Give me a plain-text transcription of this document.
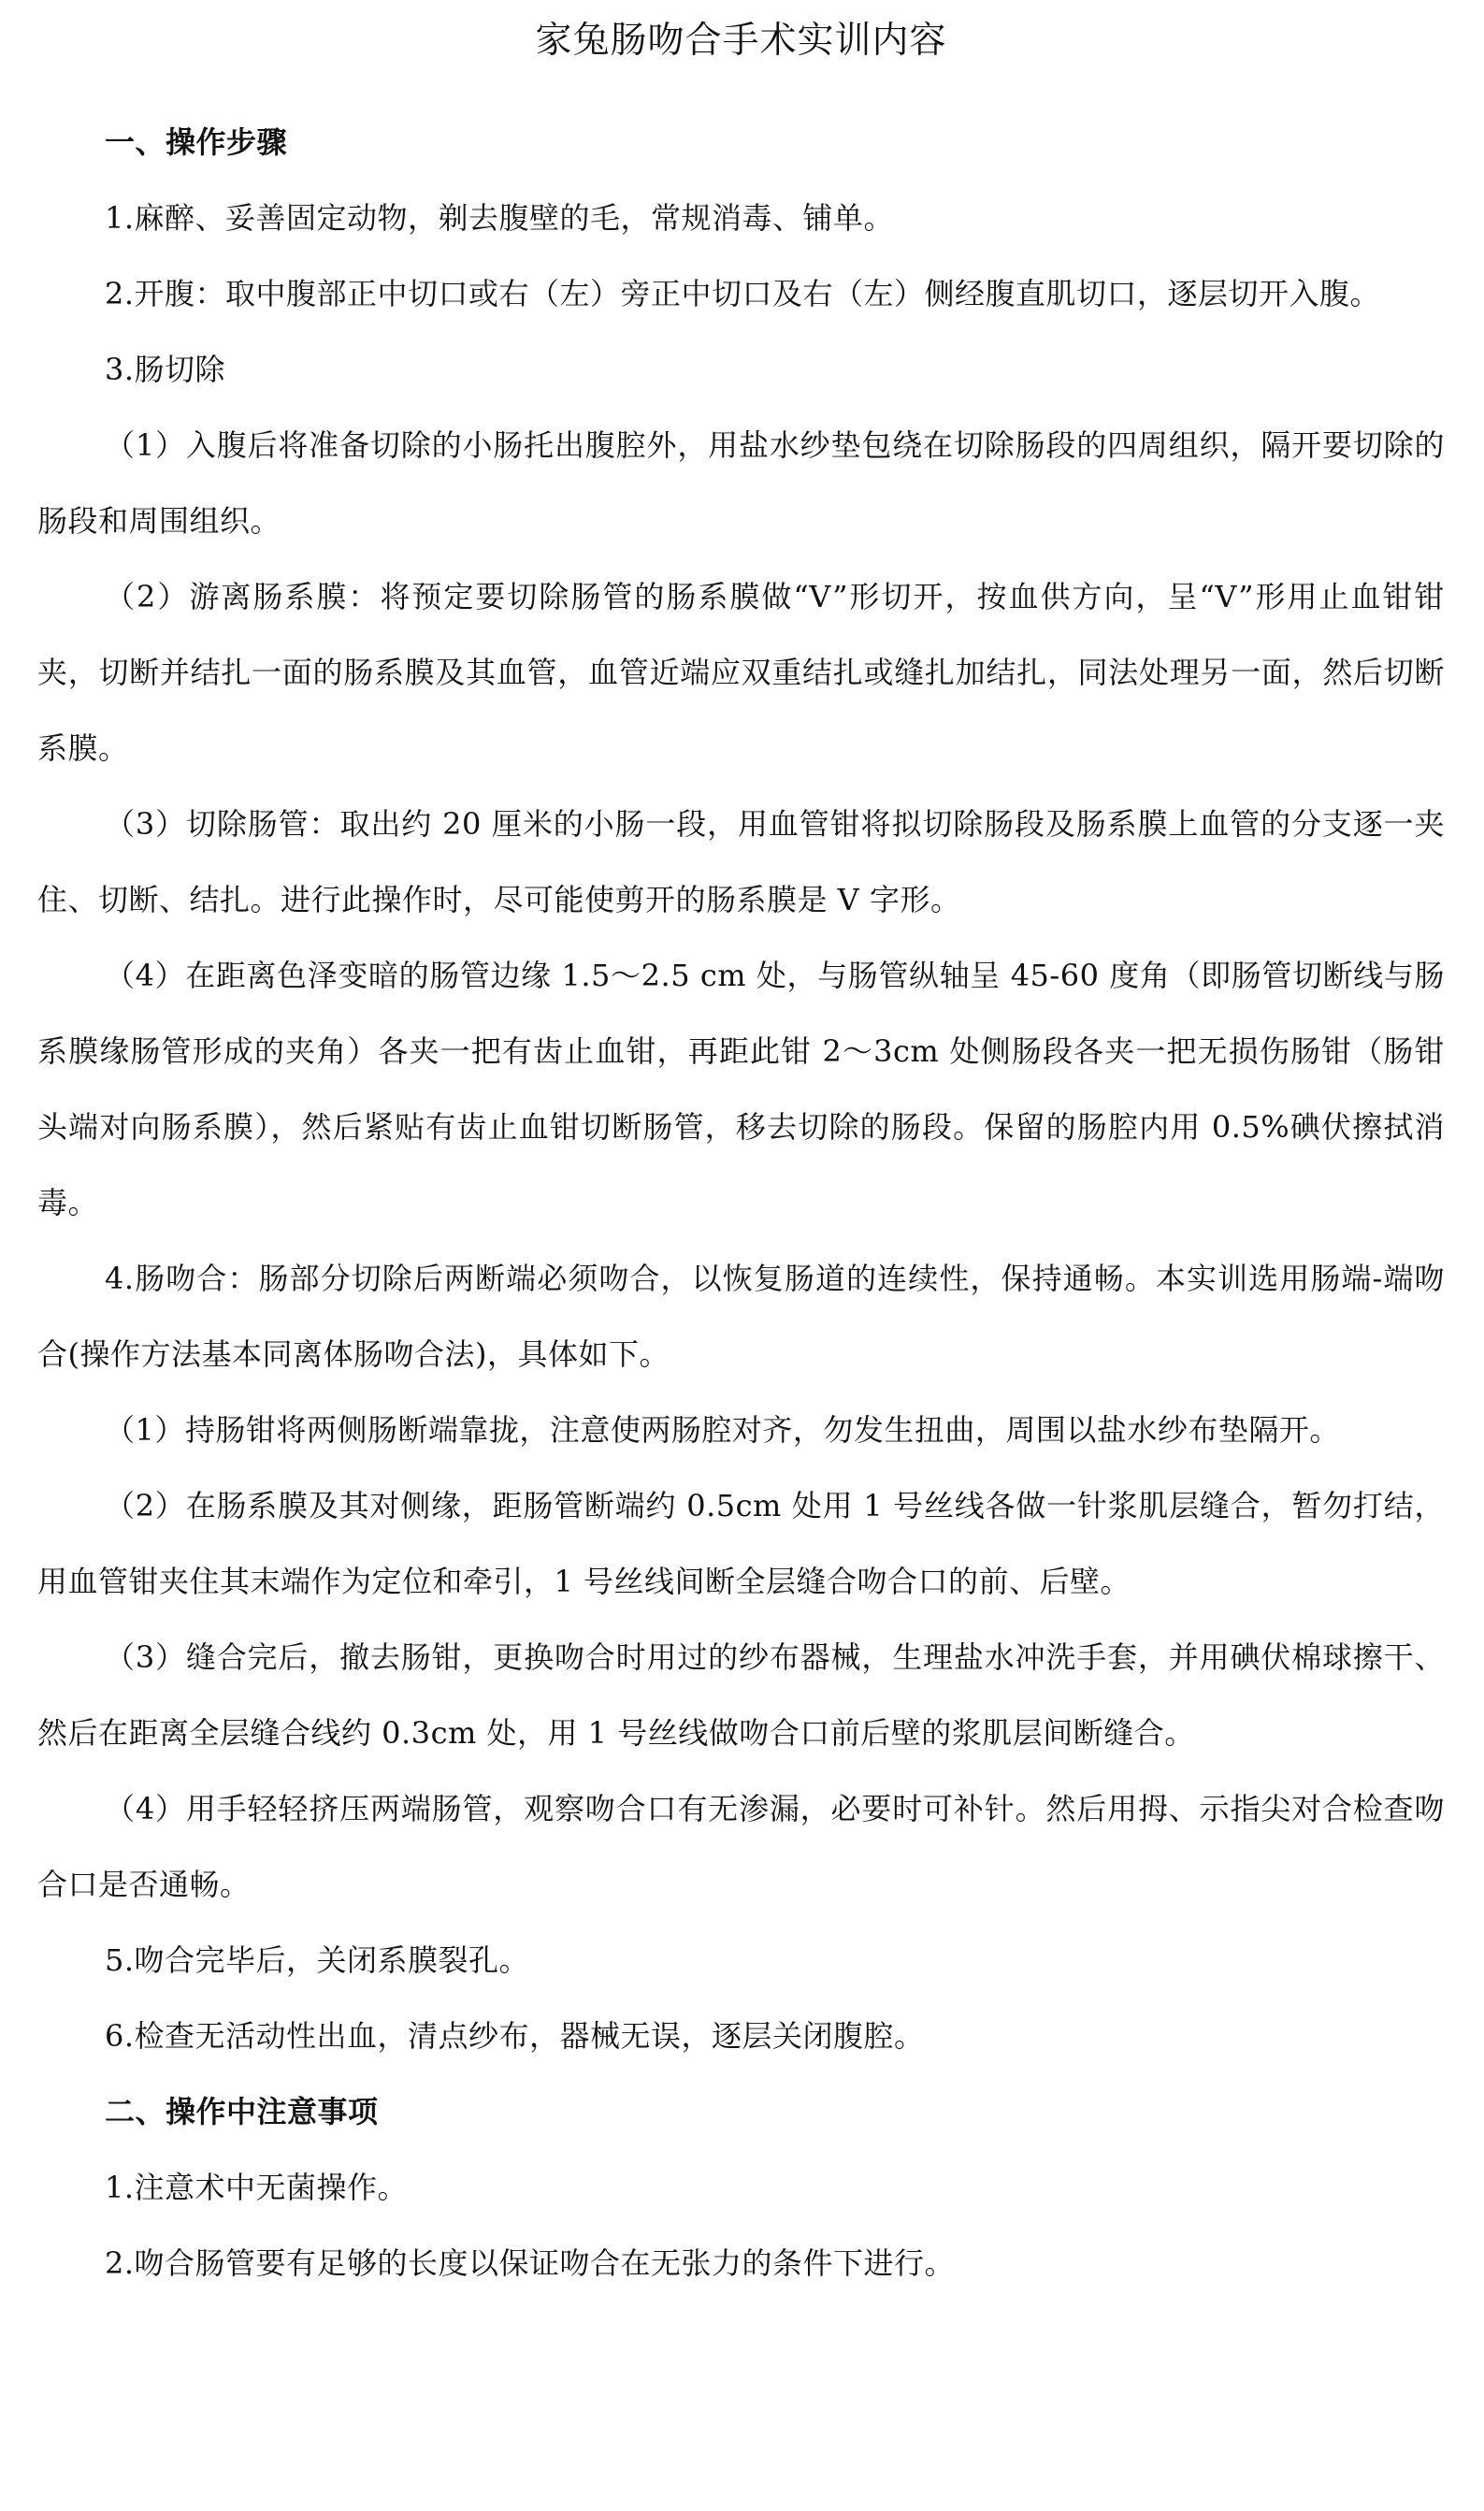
家兔肠吻合手术实训内容

一、操作步骤

1.麻醉、妥善固定动物，剃去腹壁的毛，常规消毒、铺单。

2.开腹：取中腹部正中切口或右（左）旁正中切口及右（左）侧经腹直肌切口，逐层切开入腹。

3.肠切除

（1）入腹后将准备切除的小肠托出腹腔外，用盐水纱垫包绕在切除肠段的四周组织，隔开要切除的肠段和周围组织。

（2）游离肠系膜：将预定要切除肠管的肠系膜做“V”形切开，按血供方向，呈“V”形用止血钳钳夹，切断并结扎一面的肠系膜及其血管，血管近端应双重结扎或缝扎加结扎，同法处理另一面，然后切断系膜。

（3）切除肠管：取出约 20 厘米的小肠一段，用血管钳将拟切除肠段及肠系膜上血管的分支逐一夹住、切断、结扎。进行此操作时，尽可能使剪开的肠系膜是 V 字形。

（4）在距离色泽变暗的肠管边缘 1.5～2.5 cm 处，与肠管纵轴呈 45-60 度角（即肠管切断线与肠系膜缘肠管形成的夹角）各夹一把有齿止血钳，再距此钳 2～3cm 处侧肠段各夹一把无损伤肠钳（肠钳头端对向肠系膜），然后紧贴有齿止血钳切断肠管，移去切除的肠段。保留的肠腔内用 0.5%碘伏擦拭消毒。

4.肠吻合：肠部分切除后两断端必须吻合，以恢复肠道的连续性，保持通畅。本实训选用肠端-端吻合(操作方法基本同离体肠吻合法)，具体如下。

（1）持肠钳将两侧肠断端靠拢，注意使两肠腔对齐，勿发生扭曲，周围以盐水纱布垫隔开。

（2）在肠系膜及其对侧缘，距肠管断端约 0.5cm 处用 1 号丝线各做一针浆肌层缝合，暂勿打结，用血管钳夹住其末端作为定位和牵引，1 号丝线间断全层缝合吻合口的前、后壁。

（3）缝合完后，撤去肠钳，更换吻合时用过的纱布器械，生理盐水冲洗手套，并用碘伏棉球擦干、然后在距离全层缝合线约 0.3cm 处，用 1 号丝线做吻合口前后壁的浆肌层间断缝合。

（4）用手轻轻挤压两端肠管，观察吻合口有无渗漏，必要时可补针。然后用拇、示指尖对合检查吻合口是否通畅。

5.吻合完毕后，关闭系膜裂孔。

6.检查无活动性出血，清点纱布，器械无误，逐层关闭腹腔。

二、操作中注意事项

1.注意术中无菌操作。

2.吻合肠管要有足够的长度以保证吻合在无张力的条件下进行。
